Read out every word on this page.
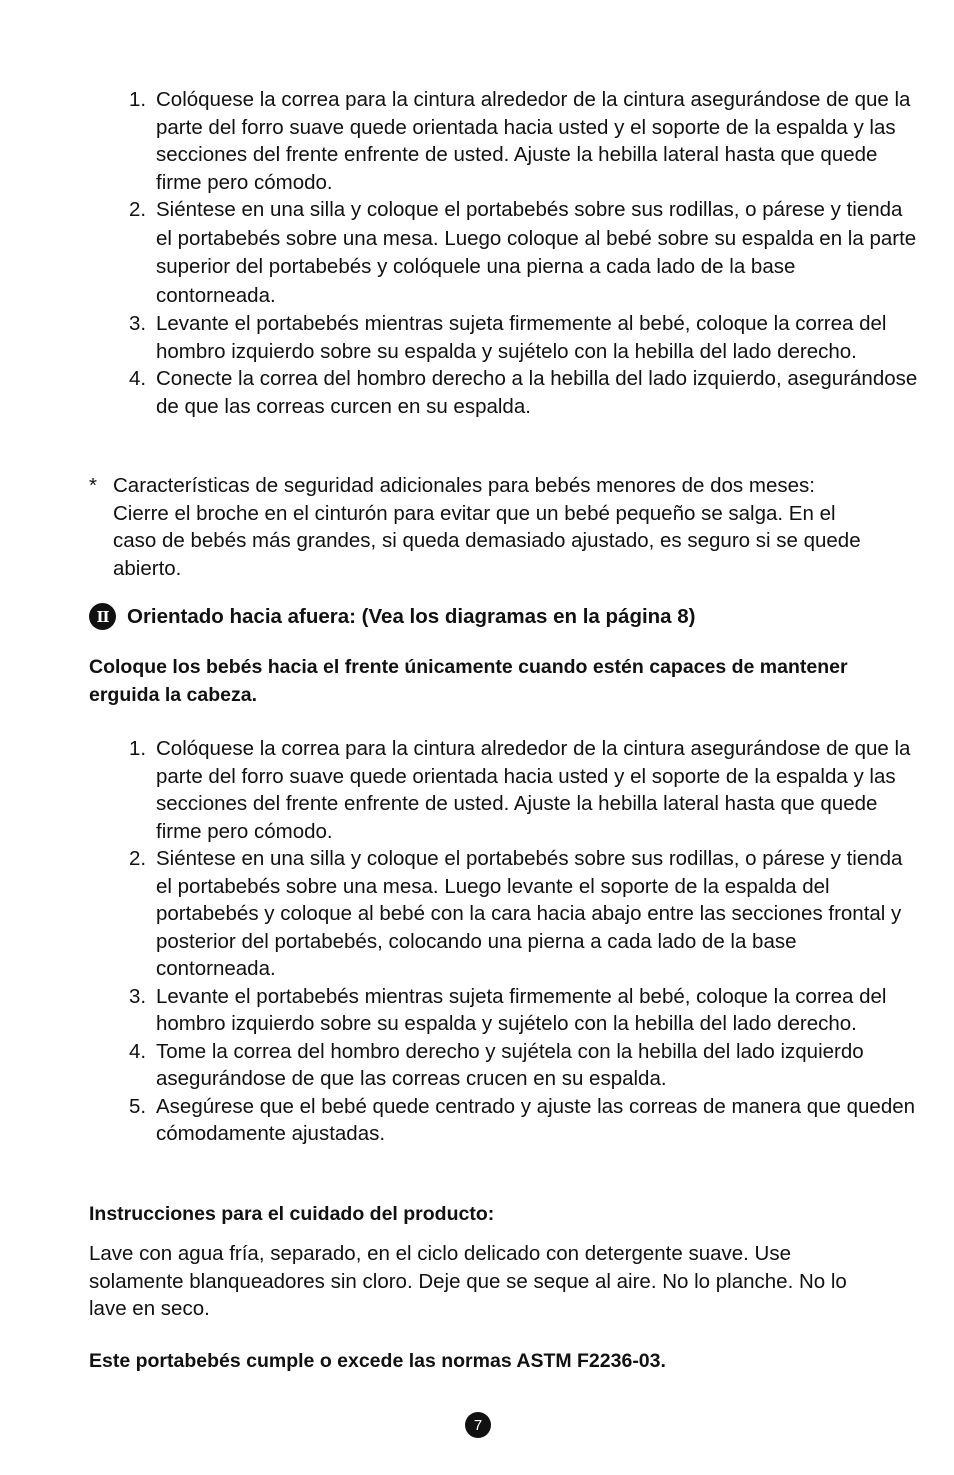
1. Colóquese la correa para la cintura alrededor de la cintura asegurándose de que la parte del forro suave quede orientada hacia usted y el soporte de la espalda y las secciones del frente enfrente de usted. Ajuste la hebilla lateral hasta que quede firme pero cómodo.
2. Siéntese en una silla y coloque el portabebés sobre sus rodillas, o párese y tienda el portabebés sobre una mesa. Luego coloque al bebé sobre su espalda en la parte superior del portabebés y colóquele una pierna a cada lado de la base contorneada.
3. Levante el portabebés mientras sujeta firmemente al bebé, coloque la correa del hombro izquierdo sobre su espalda y sujételo con la hebilla del lado derecho.
4. Conecte la correa del hombro derecho a la hebilla del lado izquierdo, asegurándose de que las correas curcen en su espalda.
* Características de seguridad adicionales para bebés menores de dos meses: Cierre el broche en el cinturón para evitar que un bebé pequeño se salga. En el caso de bebés más grandes, si queda demasiado ajustado, es seguro si se quede abierto.
II Orientado hacia afuera: (Vea los diagramas en la página 8)
Coloque los bebés hacia el frente únicamente cuando estén capaces de mantener erguida la cabeza.
1. Colóquese la correa para la cintura alrededor de la cintura asegurándose de que la parte del forro suave quede orientada hacia usted y el soporte de la espalda y las secciones del frente enfrente de usted. Ajuste la hebilla lateral hasta que quede firme pero cómodo.
2. Siéntese en una silla y coloque el portabebés sobre sus rodillas, o párese y tienda el portabebés sobre una mesa. Luego levante el soporte de la espalda del portabebés y coloque al bebé con la cara hacia abajo entre las secciones frontal y posterior del portabebés, colocando una pierna a cada lado de la base contorneada.
3. Levante el portabebés mientras sujeta firmemente al bebé, coloque la correa del hombro izquierdo sobre su espalda y sujételo con la hebilla del lado derecho.
4. Tome la correa del hombro derecho y sujétela con la hebilla del lado izquierdo asegurándose de que las correas crucen en su espalda.
5. Asegúrese que el bebé quede centrado y ajuste las correas de manera que queden cómodamente ajustadas.
Instrucciones para el cuidado del producto:
Lave con agua fría, separado, en el ciclo delicado con detergente suave. Use solamente blanqueadores sin cloro. Deje que se seque al aire. No lo planche. No lo lave en seco.
Este portabebés cumple o excede las normas ASTM F2236-03.
7
